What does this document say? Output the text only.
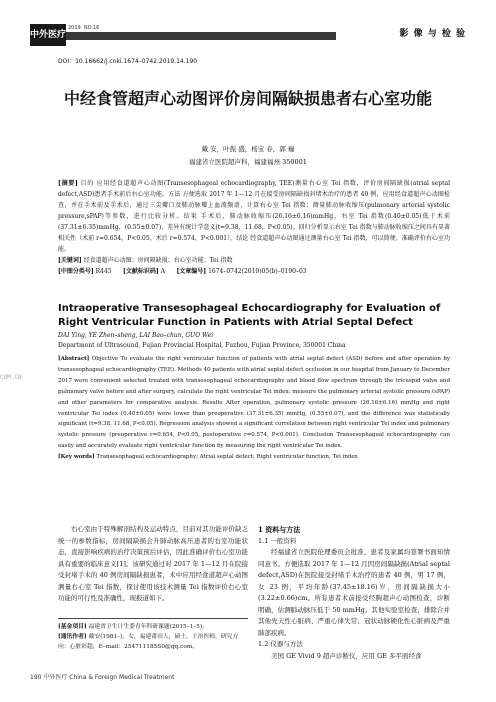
中外医疗
2019 NO.16
China & Foreign Medical Treatment
影 像 与 检 验
DOI：10.16662/j.cnki.1674–0742.2019.14.190
中经食管超声心动图评价房间隔缺损患者右心室功能
戴 安，叶振 盛，杨宝 春，郭 巍
福建省立医院超声科，福建福州 350001

[摘要] 目的 应用经食道超声心动图(Transesophageal echocardiography, TEE)测量右心室 Tei 指数，评价房间隔缺损(atrial septal defect,ASD)患者手术前后右心室功能。方法 方便选取 2017 年 1—12 月在接受房间隔缺损封堵术治疗的患者 40 例，应用经食道超声心动图检查，并在手术前及手术后，通过三尖瓣口及肺动脉瓣上血流频谱，计算右心室 Tei 指数；测量肺动脉收缩压(pulmonary arterial systolic pressure,sPAP)等参数，进行比较分析。结果 手术后，肺动脉收缩压(26.16±6.16)mmHg，右室 Tei 指数(0.40±0.05)低于术前(37.31±6.35)mmHg，(0.55±0.07)，差异有统计学意义(t=9.38，11.68，P<0.05)。回归分析显示右室 Tei 指数与肺动脉收缩压之间具有显著相关性（术前 r=0.654，P<0.05，术后 r=0.574，P<0.001）。结论 经食道超声心动图通过测量右心室 Tei 指数，可以简便、准确评价右心室功能。

[关键词] 经食道超声心动图；房间隔缺损；右心室功能；Tei 指数

[中图分类号] R445 [文献标识码] A [文章编号] 1674–0742(2019)05(b)–0190–03

Intraoperative Transesophageal Echocardiography for Evaluation of Right Ventricular Function in Patients with Atrial Septal Defect
DAI Ying, YE Zhen–sheng, LAI Bao–chun, GUO Wei
Department of Ultrasound, Fujian Provincial Hospital, Fuzhou, Fujian Province, 350001 China
COM.CN

[Abstract] Objective To evaluate the right ventricular function of patients with atrial septal defect (ASD) before and after operation by transesophageal echocardiography (TEE). Methods 40 patients with atrial septal defect occlusion in our hospital from January to December 2017 were convenient selected treated with transesophageal echocardiography and blood flow spectrum through the tricuspid valve and pulmonary valve before and after surgery, calculate the right ventricular Tei index; measure the pulmonary arterial systolic pressure (sPAP) and other parameters for comparative analysis. Results After operation, pulmonary systolic pressure (26.16±6.16) mmHg and right ventricular Tei index (0.40±0.05) were lower than preoperative (37.31±6.35) mmHg, (0.55±0.07), and the difference was statistically significant (t=9.38, 11.68, P<0.05). Regression analysis showed a significant correlation between right ventricular Tei index and pulmonary systolic pressure (preoperative r=0.654, P<0.05, postoperative r=0.574, P<0.001). Conclusion Transesophageal echocardiography can easily and accurately evaluate right ventricular function by measuring the right ventricular Tei index.

[Key words] Transesophageal echocardiography; Atrial septal defect; Right ventricular function; Tei index

右心室由于特殊解剖结构及运动特点，目前对其功能评价缺乏统一的参数指标，房间隔缺损会升肺动脉高压患者的右室功能状态，直接影响疾病的治疗决策预后评估，因此准确评价右心室功能具有重要的临床意义[1]。该研究通过对 2017 年 1—12 月在院接受封堵手术的 40 例房间隔缺损患者，术中应用经食道超声心动图测量右心室 Tei 指数，探讨使用该技术测量 Tei 指数评价右心室功能的可行性及准确性，现报道如下。

[基金项目] 福建省卫生计生委青年科研课题(2015–1–5)。

[通讯作者] 戴安(1981–)，女，福建莆田人，硕士，主治医师，研究方向：心脏彩超，E–mail：254711185S0@qq.com。

1 资料与方法

1.1 一般资料

经福建省立医院伦理委员会批准，患者及家属均签署书面知情同意书。方便选取 2017 年 1—12 月因房间隔缺损(Atrial septal defect,ASD)在医院接受封堵手术治疗的患者 40 例，男 17 例，女 23 例，平均年龄(37.45±18.16)岁，房间隔缺损大小(3.22±0.66)cm。所有患者术前接受经胸超声心动图检查，诊断明确，估测肺动脉压低于 50 mmHg。其他实验室检查，排除合并其他先天性心脏病、严重心律失常、冠状动脉硬化性心脏病及严重肺部疾病。

1.2 仪器与方法

美国 GE Vivid 9 超声诊断仪，应用 GE 多平面经食

190 中外医疗 China & Foreign Medical Treatment
